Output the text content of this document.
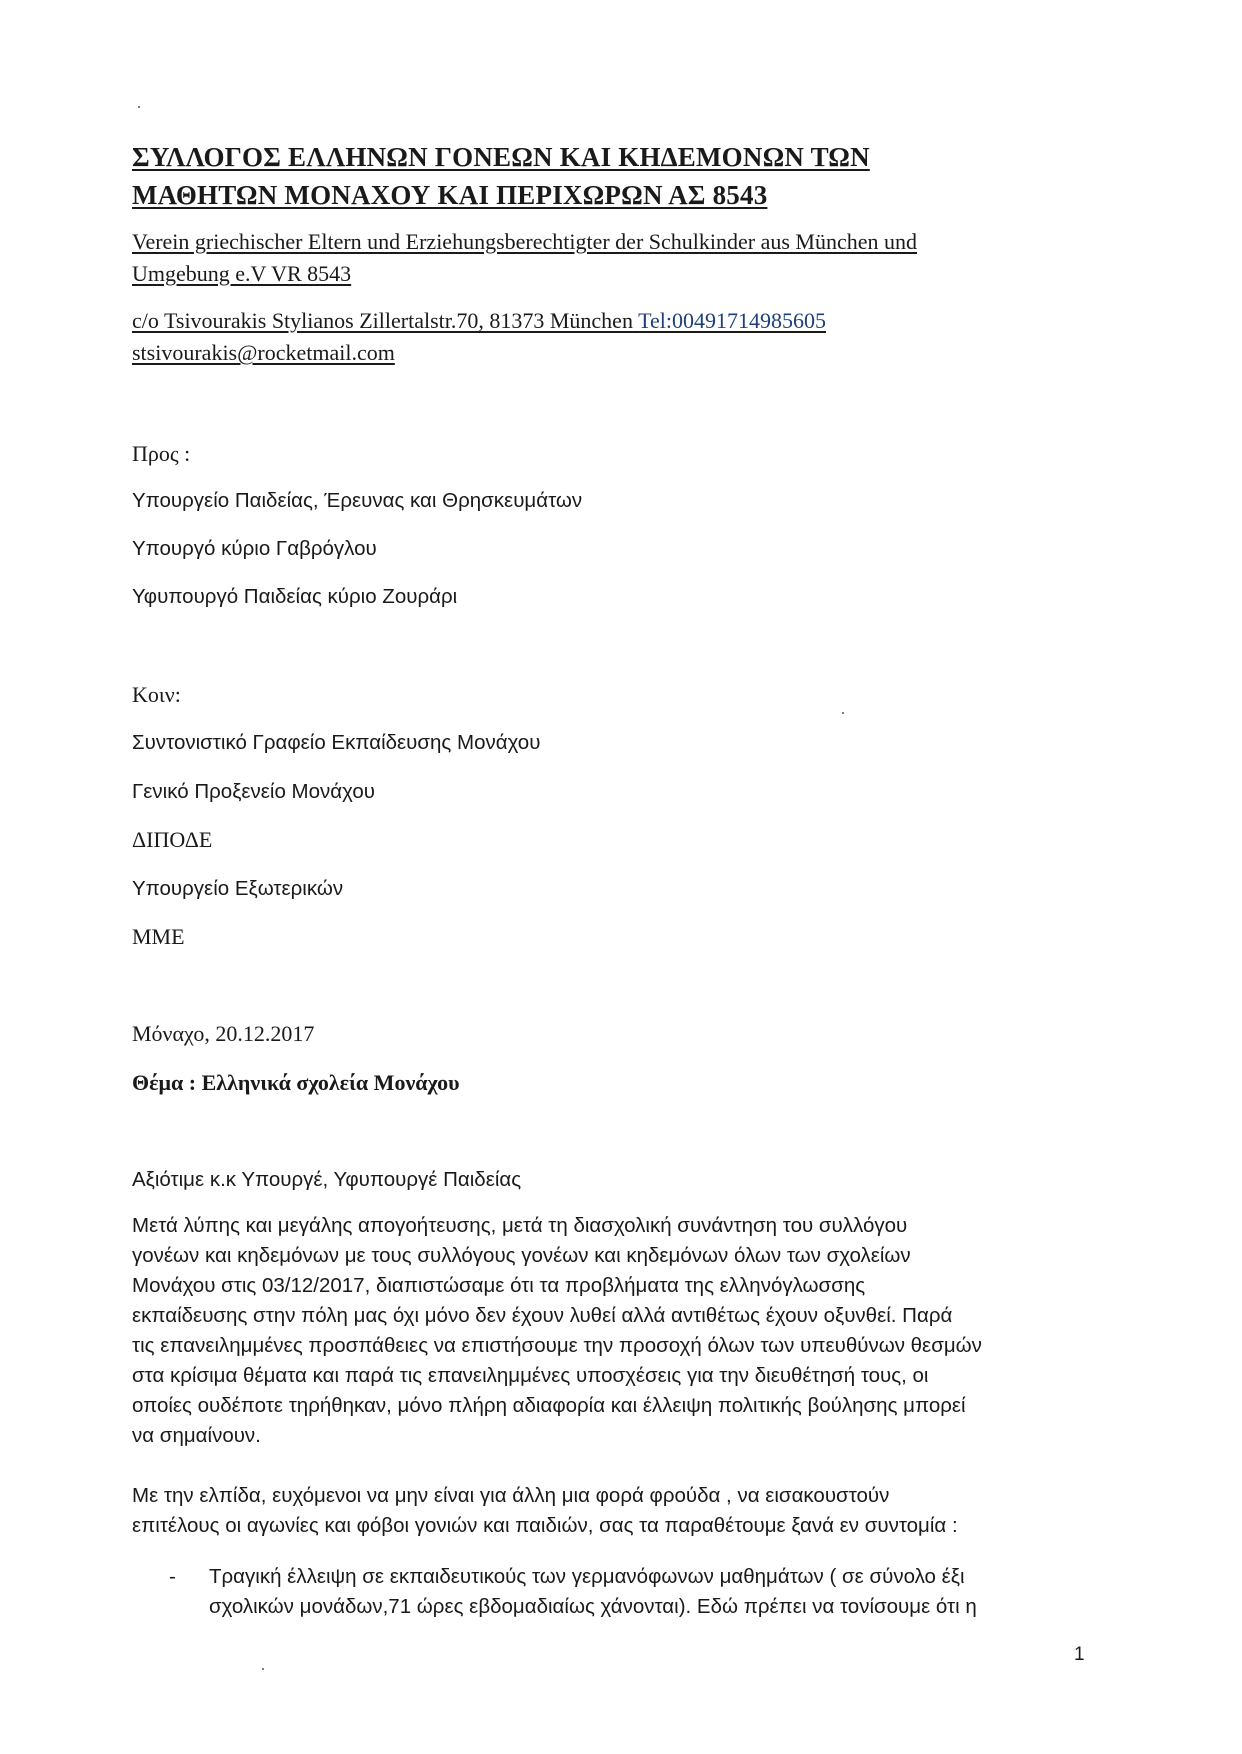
ΣΥΛΛΟΓΟΣ ΕΛΛΗΝΩΝ ΓΟΝΕΩΝ ΚΑΙ ΚΗΔΕΜΟΝΩΝ ΤΩΝ

ΜΑΘΗΤΩΝ ΜΟΝΑΧΟΥ ΚΑΙ ΠΕΡΙΧΩΡΩΝ ΑΣ 8543

Verein griechischer Eltern und Erziehungsberechtigter der Schulkinder aus München und

Umgebung e.V VR 8543

c/o Tsivourakis Stylianos Zillertalstr.70, 81373 München Tel:00491714985605

stsivourakis@rocketmail.com

Προς :

Υπουργείο Παιδείας, Έρευνας και Θρησκευμάτων

Υπουργό κύριο Γαβρόγλου

Υφυπουργό Παιδείας κύριο Ζουράρι

Κοιν:

Συντονιστικό Γραφείο Εκπαίδευσης Μονάχου

Γενικό Προξενείο Μονάχου

ΔΙΠΟΔΕ

Υπουργείο Εξωτερικών

ΜΜΕ

Μόναχο, 20.12.2017

Θέμα : Ελληνικά σχολεία Μονάχου

Αξιότιμε κ.κ Υπουργέ, Υφυπουργέ Παιδείας

Μετά λύπης και μεγάλης απογοήτευσης, μετά τη διασχολική συνάντηση του συλλόγου

γονέων και κηδεμόνων με τους συλλόγους γονέων και κηδεμόνων όλων των σχολείων

Μονάχου στις 03/12/2017, διαπιστώσαμε ότι τα προβλήματα της ελληνόγλωσσης

εκπαίδευσης στην πόλη μας όχι μόνο δεν έχουν λυθεί αλλά αντιθέτως έχουν οξυνθεί. Παρά

τις επανειλημμένες προσπάθειες να επιστήσουμε την προσοχή όλων των υπευθύνων θεσμών

στα κρίσιμα θέματα και παρά τις επανειλημμένες υποσχέσεις για την διευθέτησή τους, οι

οποίες ουδέποτε τηρήθηκαν, μόνο πλήρη αδιαφορία και έλλειψη πολιτικής βούλησης μπορεί

να σημαίνουν.

Με την ελπίδα, ευχόμενοι να μην είναι για άλλη μια φορά φρούδα , να εισακουστούν

επιτέλους οι αγωνίες και φόβοι γονιών και παιδιών, σας τα παραθέτουμε ξανά εν συντομία :

- Τραγική έλλειψη σε εκπαιδευτικούς των γερμανόφωνων μαθημάτων ( σε σύνολο έξι
σχολικών μονάδων,71 ώρες εβδομαδιαίως χάνονται). Εδώ πρέπει να τονίσουμε ότι η
1
